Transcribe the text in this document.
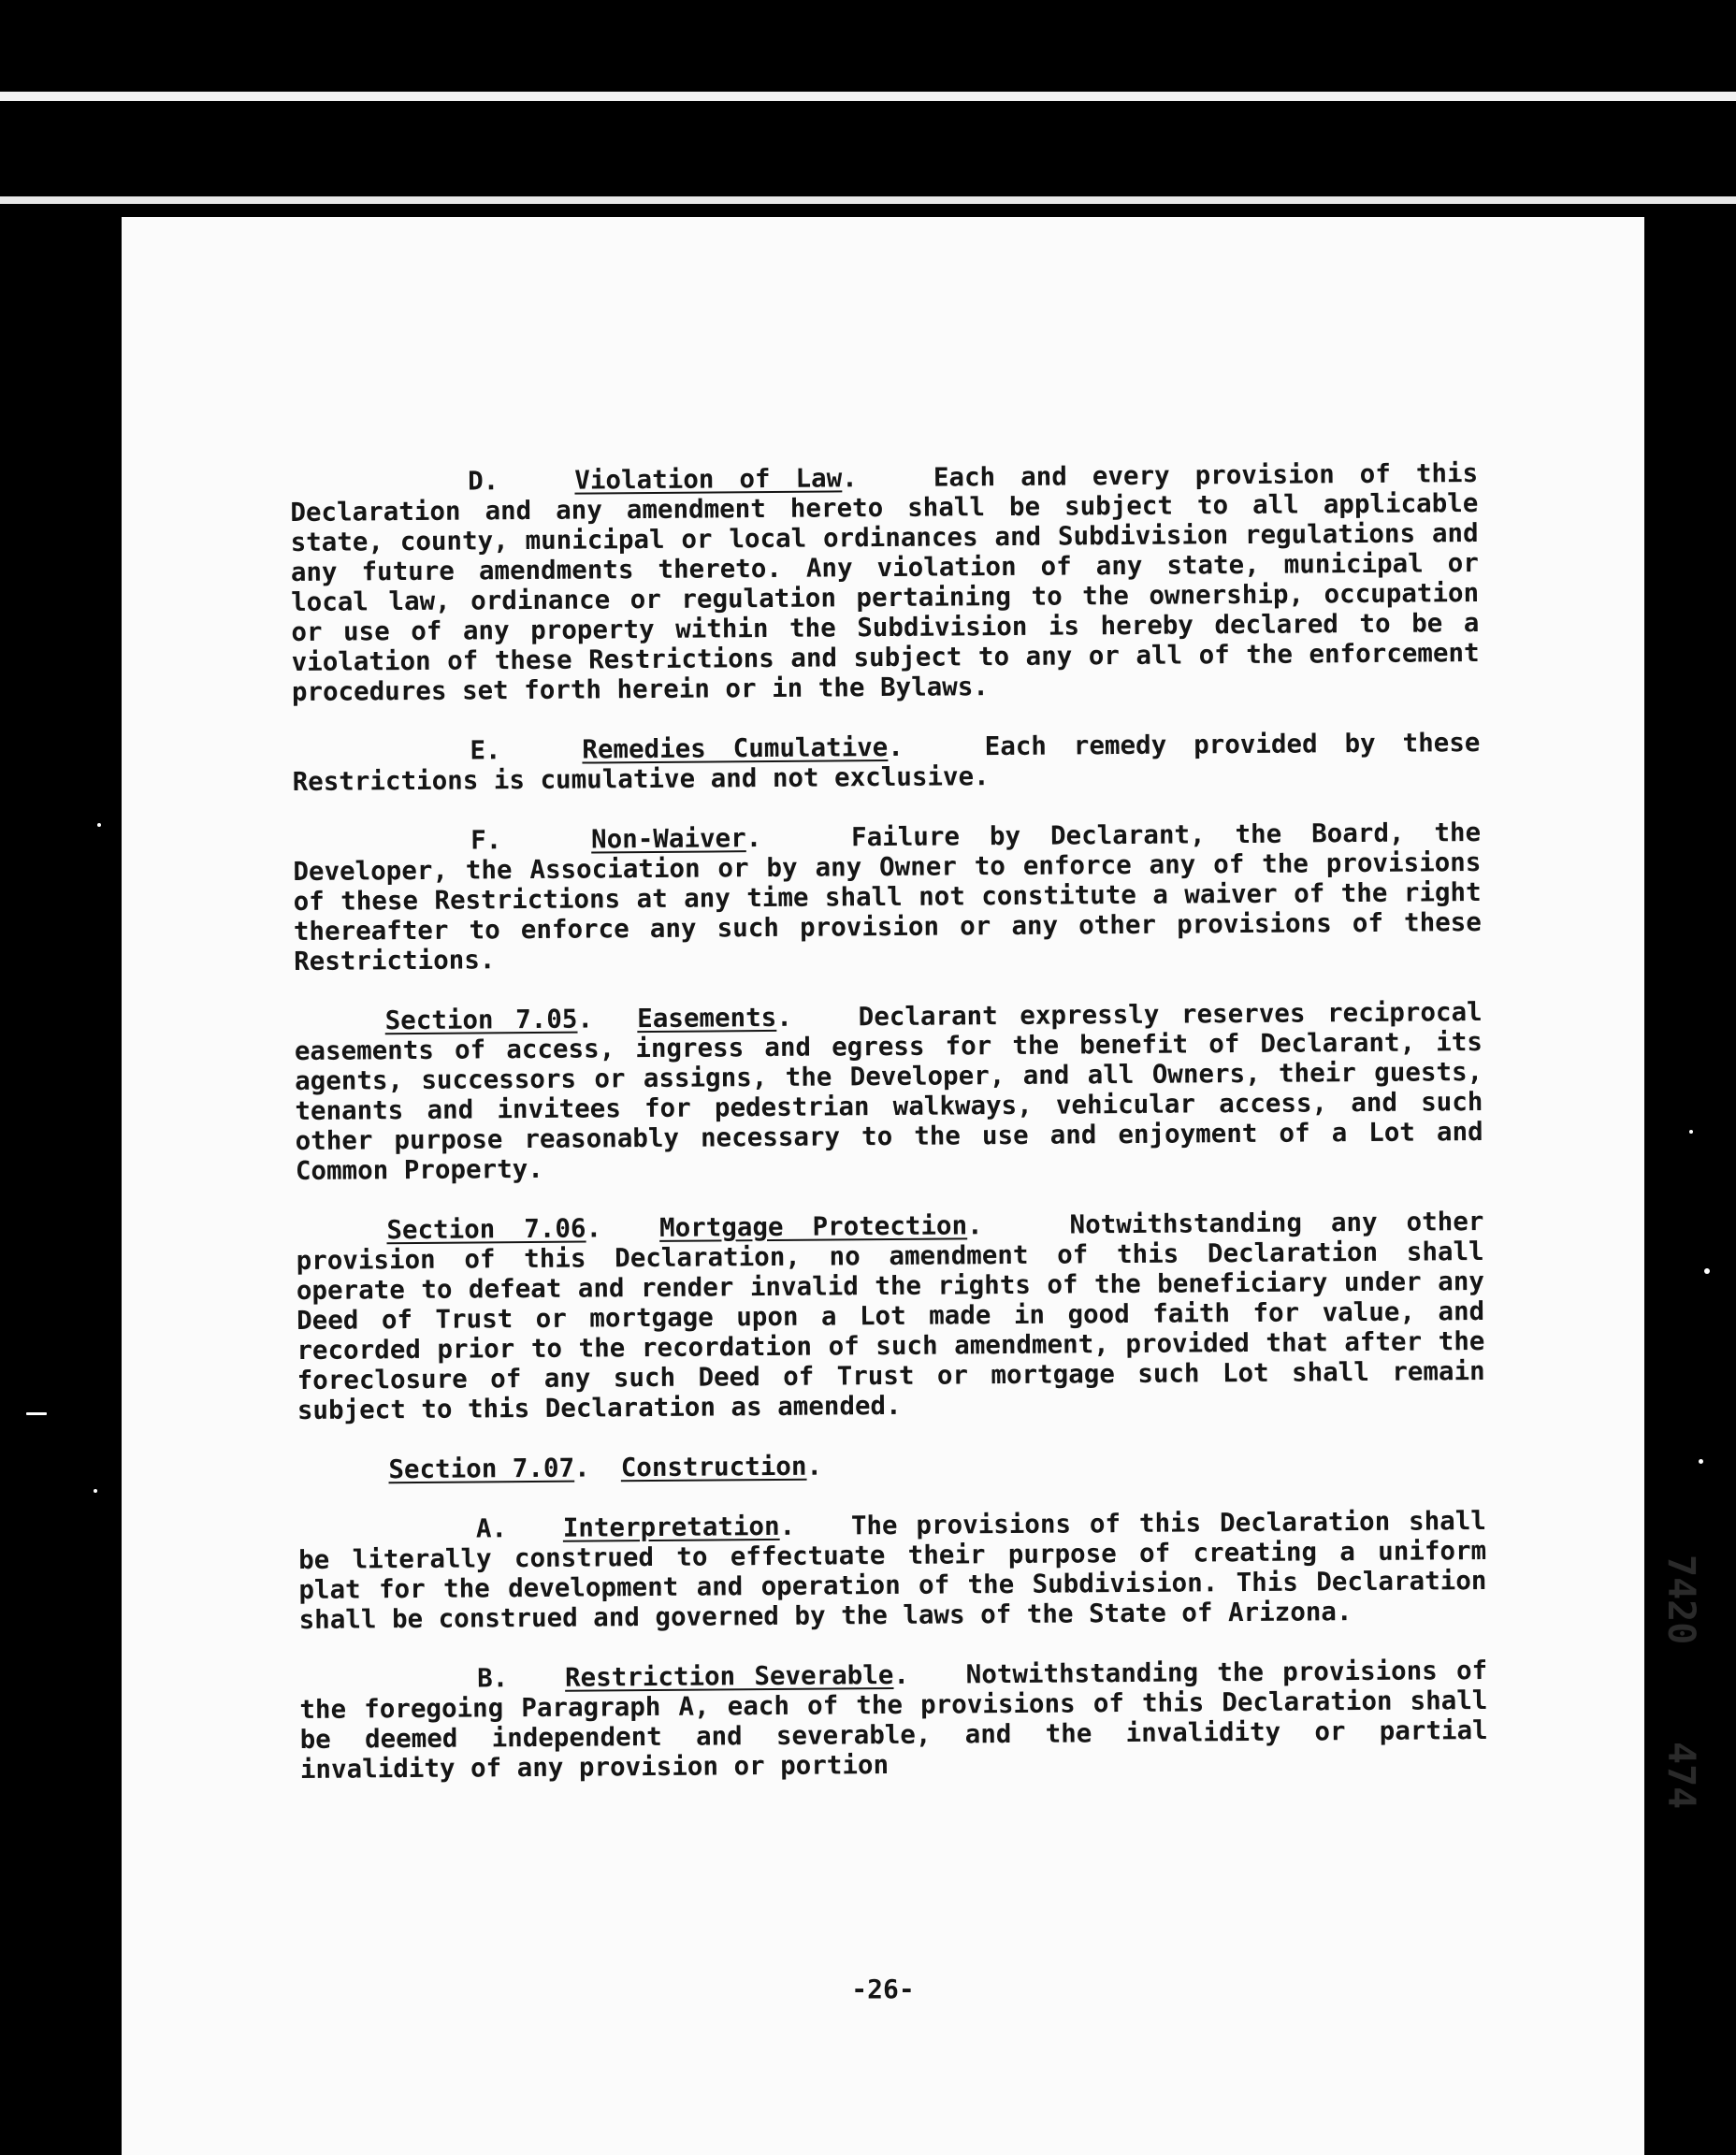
D.	Violation of Law.   Each and every provision of this Declaration and any amendment hereto shall be subject to all applicable state, county, municipal or local ordinances and Subdivision regulations and any future amendments thereto. Any violation of any state, municipal or local law, ordinance or regulation pertaining to the ownership, occupation or use of any property within the Subdivision is hereby declared to be a violation of these Restrictions and subject to any or all of the enforcement procedures set forth herein or in the Bylaws.

E.	Remedies Cumulative.   Each remedy provided by these Restrictions is cumulative and not exclusive.

F.	Non-Waiver.   Failure by Declarant, the Board, the Developer, the Association or by any Owner to enforce any of the provisions of these Restrictions at any time shall not constitute a waiver of the right thereafter to enforce any such provision or any other provisions of these Restrictions.

Section 7.05.  Easements.   Declarant expressly reserves reciprocal easements of access, ingress and egress for the benefit of Declarant, its agents, successors or assigns, the Developer, and all Owners, their guests, tenants and invitees for pedestrian walkways, vehicular access, and such other purpose reasonably necessary to the use and enjoyment of a Lot and Common Property.

Section 7.06.  Mortgage Protection.   Notwithstanding any other provision of this Declaration, no amendment of this Declaration shall operate to defeat and render invalid the rights of the beneficiary under any Deed of Trust or mortgage upon a Lot made in good faith for value, and recorded prior to the recordation of such amendment, provided that after the foreclosure of any such Deed of Trust or mortgage such Lot shall remain subject to this Declaration as amended.

Section 7.07.  Construction.

A. Interpretation.   The provisions of this Declaration shall be literally construed to effectuate their purpose of creating a uniform plat for the development and operation of the Subdivision. This Declaration shall be construed and governed by the laws of the State of Arizona.

B. Restriction Severable.   Notwithstanding the provisions of the foregoing Paragraph A, each of the provisions of this Declaration shall be deemed independent and severable, and the invalidity or partial invalidity of any provision or portion

-26-
7420
474
